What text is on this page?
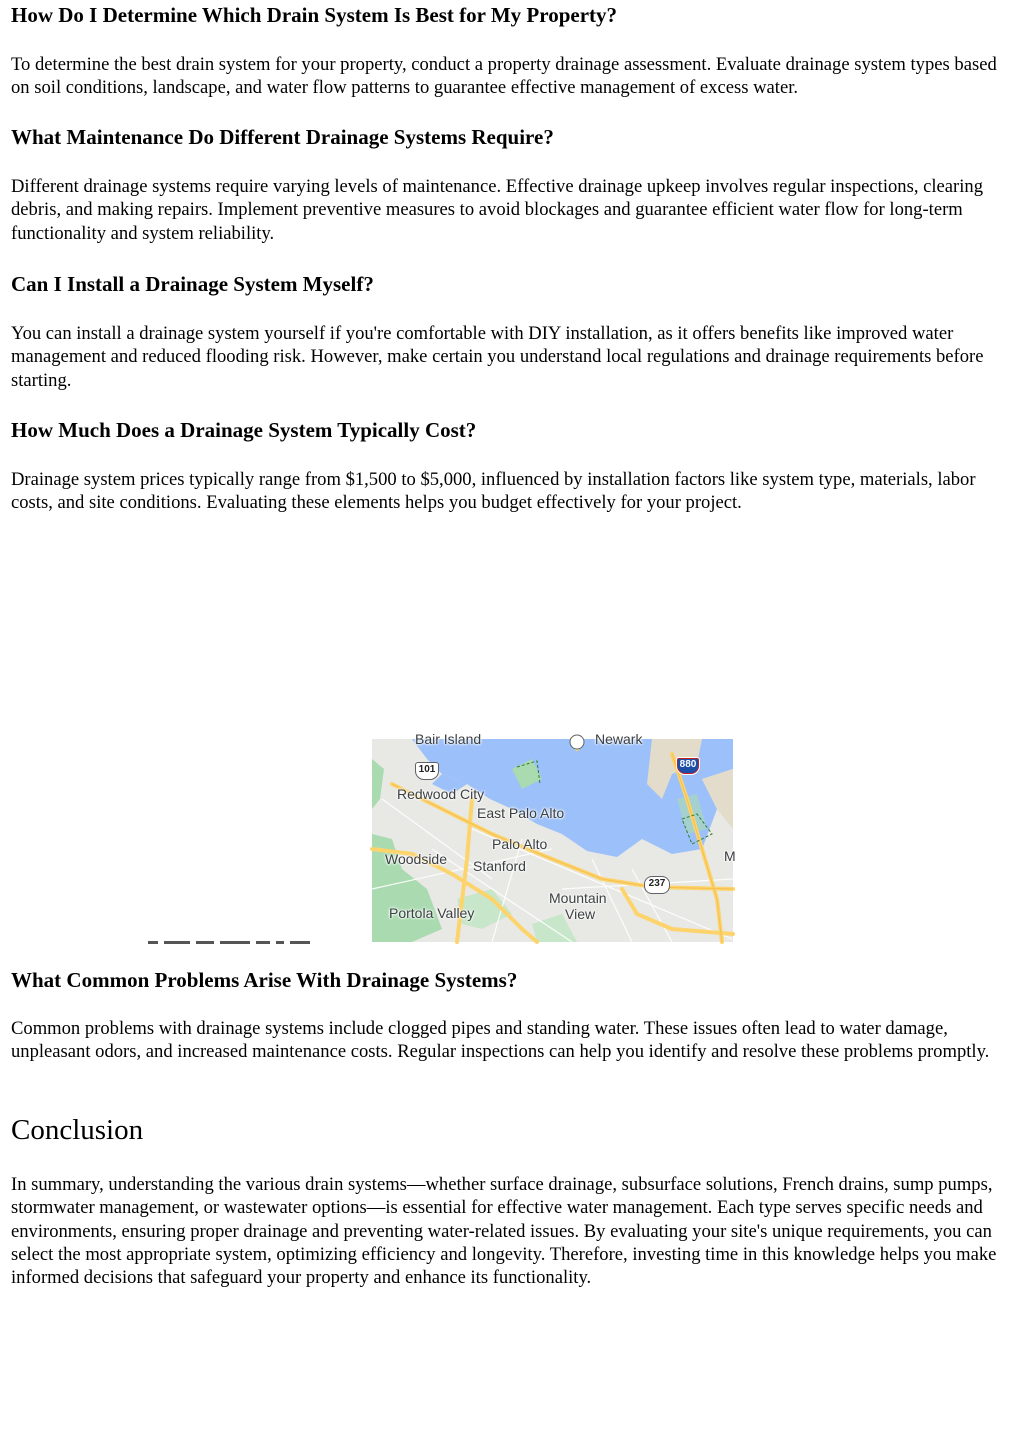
How Do I Determine Which Drain System Is Best for My Property?

To determine the best drain system for your property, conduct a property drainage assessment. Evaluate drainage system types based on soil conditions, landscape, and water flow patterns to guarantee effective management of excess water.

What Maintenance Do Different Drainage Systems Require?

Different drainage systems require varying levels of maintenance. Effective drainage upkeep involves regular inspections, clearing debris, and making repairs. Implement preventive measures to avoid blockages and guarantee efficient water flow for long-term functionality and system reliability.

Can I Install a Drainage System Myself?

You can install a drainage system yourself if you're comfortable with DIY installation, as it offers benefits like improved water management and reduced flooding risk. However, make certain you understand local regulations and drainage requirements before starting.

How Much Does a Drainage System Typically Cost?

Drainage system prices typically range from $1,500 to $5,000, influenced by installation factors like system type, materials, labor costs, and site conditions. Evaluating these elements helps you budget effectively for your project.

What Common Problems Arise With Drainage Systems?

Common problems with drainage systems include clogged pipes and standing water. These issues often lead to water damage, unpleasant odors, and increased maintenance costs. Regular inspections can help you identify and resolve these problems promptly.

Conclusion

In summary, understanding the various drain systems—whether surface drainage, subsurface solutions, French drains, sump pumps, stormwater management, or wastewater options—is essential for effective water management. Each type serves specific needs and environments, ensuring proper drainage and preventing water-related issues. By evaluating your site's unique requirements, you can select the most appropriate system, optimizing efficiency and longevity. Therefore, investing time in this knowledge helps you make informed decisions that safeguard your property and enhance its functionality.

Bair Island	Newark
Redwood City
East Palo Alto
Palo Alto
Woodside Stanford
Mountain
View
Portola Valley
M
101	880
237
